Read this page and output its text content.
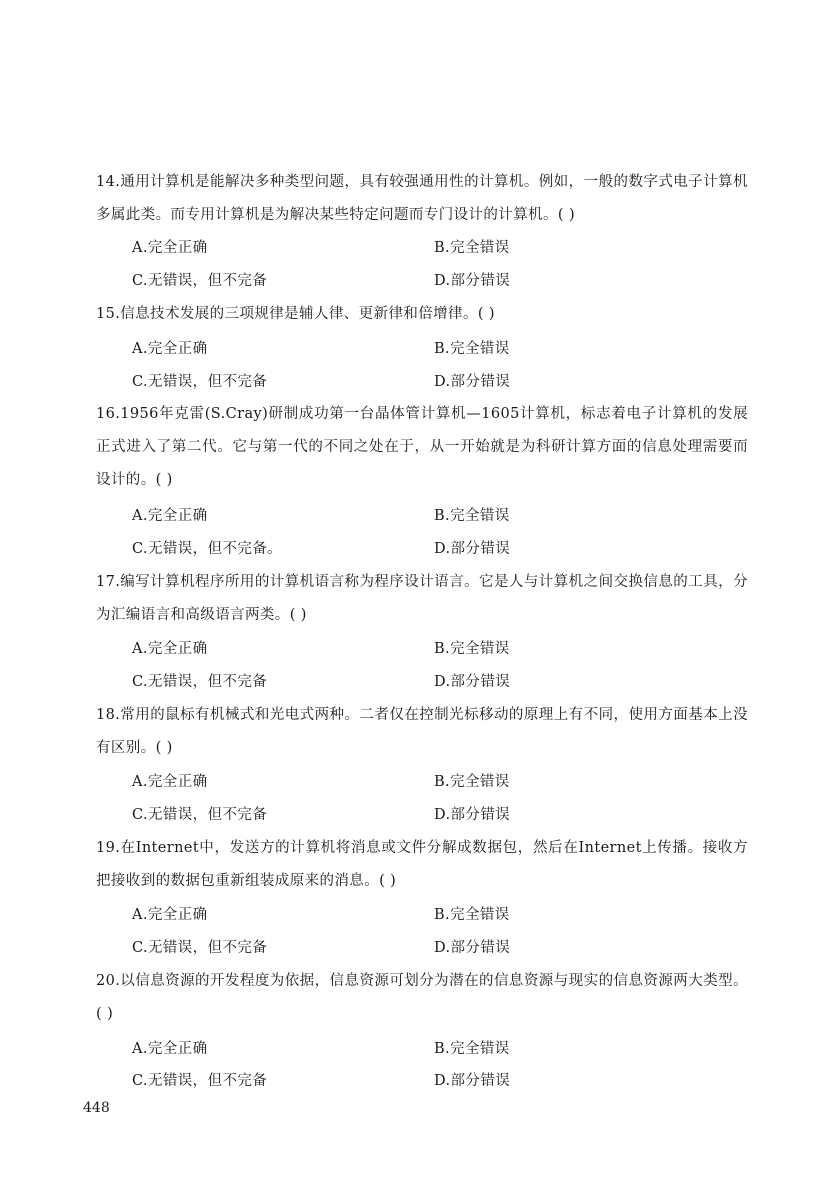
14.通用计算机是能解决多种类型问题，具有较强通用性的计算机。例如，一般的数字式电子计算机多属此类。而专用计算机是为解决某些特定问题而专门设计的计算机。( )
A.完全正确	B.完全错误
C.无错误，但不完备	D.部分错误
15.信息技术发展的三项规律是辅人律、更新律和倍增律。( )
A.完全正确	B.完全错误
C.无错误，但不完备	D.部分错误
16.1956年克雷(S.Cray)研制成功第一台晶体管计算机—1605计算机，标志着电子计算机的发展正式进入了第二代。它与第一代的不同之处在于，从一开始就是为科研计算方面的信息处理需要而设计的。( )
A.完全正确	B.完全错误
C.无错误，但不完备。	D.部分错误
17.编写计算机程序所用的计算机语言称为程序设计语言。它是人与计算机之间交换信息的工具，分为汇编语言和高级语言两类。( )
A.完全正确	B.完全错误
C.无错误，但不完备	D.部分错误
18.常用的鼠标有机械式和光电式两种。二者仅在控制光标移动的原理上有不同，使用方面基本上没有区别。( )
A.完全正确	B.完全错误
C.无错误，但不完备	D.部分错误
19.在Internet中，发送方的计算机将消息或文件分解成数据包，然后在Internet上传播。接收方把接收到的数据包重新组装成原来的消息。( )
A.完全正确	B.完全错误
C.无错误，但不完备	D.部分错误
20.以信息资源的开发程度为依据，信息资源可划分为潜在的信息资源与现实的信息资源两大类型。( )
A.完全正确	B.完全错误
C.无错误，但不完备	D.部分错误
448
